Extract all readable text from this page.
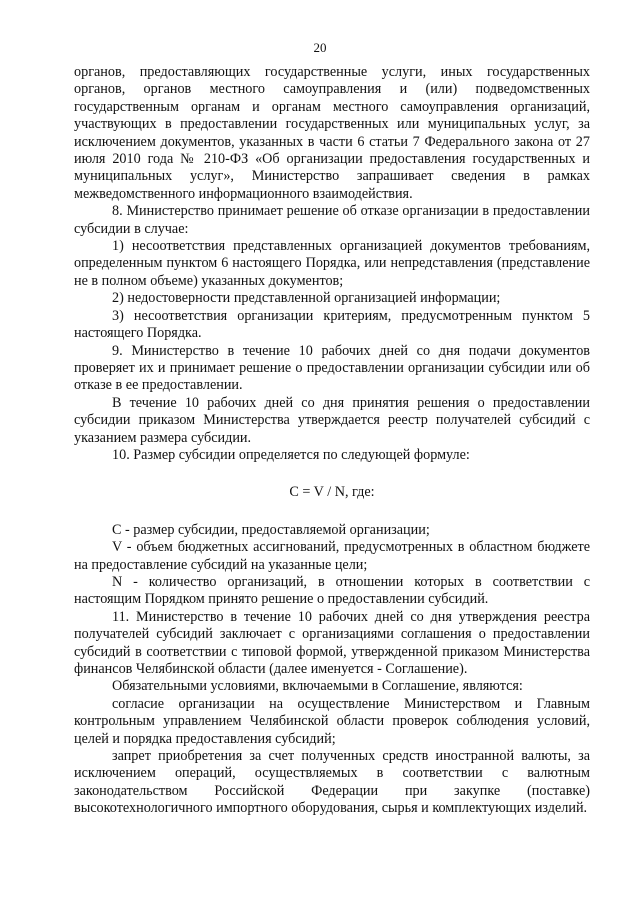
20

органов, предоставляющих государственные услуги, иных государственных органов, органов местного самоуправления и (или) подведомственных государственным органам и органам местного самоуправления организаций, участвующих в предоставлении государственных или муниципальных услуг, за исключением документов, указанных в части 6 статьи 7 Федерального закона от 27 июля 2010 года № 210-ФЗ «Об организации предоставления государственных и муниципальных услуг», Министерство запрашивает сведения в рамках межведомственного информационного взаимодействия.

8. Министерство принимает решение об отказе организации в предоставлении субсидии в случае:

1) несоответствия представленных организацией документов требованиям, определенным пунктом 6 настоящего Порядка, или непредставления (представление не в полном объеме) указанных документов;

2) недостоверности представленной организацией информации;

3) несоответствия организации критериям, предусмотренным пунктом 5 настоящего Порядка.

9. Министерство в течение 10 рабочих дней со дня подачи документов проверяет их и принимает решение о предоставлении организации субсидии или об отказе в ее предоставлении.

В течение 10 рабочих дней со дня принятия решения о предоставлении субсидии приказом Министерства утверждается реестр получателей субсидий с указанием размера субсидии.

10. Размер субсидии определяется по следующей формуле:

C = V / N, где:

С - размер субсидии, предоставляемой организации;

V - объем бюджетных ассигнований, предусмотренных в областном бюджете на предоставление субсидий на указанные цели;

N - количество организаций, в отношении которых в соответствии с настоящим Порядком принято решение о предоставлении субсидий.

11. Министерство в течение 10 рабочих дней со дня утверждения реестра получателей субсидий заключает с организациями соглашения о предоставлении субсидий в соответствии с типовой формой, утвержденной приказом Министерства финансов Челябинской области (далее именуется - Соглашение).

Обязательными условиями, включаемыми в Соглашение, являются:

согласие организации на осуществление Министерством и Главным контрольным управлением Челябинской области проверок соблюдения условий, целей и порядка предоставления субсидий;

запрет приобретения за счет полученных средств иностранной валюты, за исключением операций, осуществляемых в соответствии с валютным законодательством Российской Федерации при закупке (поставке) высокотехнологичного импортного оборудования, сырья и комплектующих изделий.
